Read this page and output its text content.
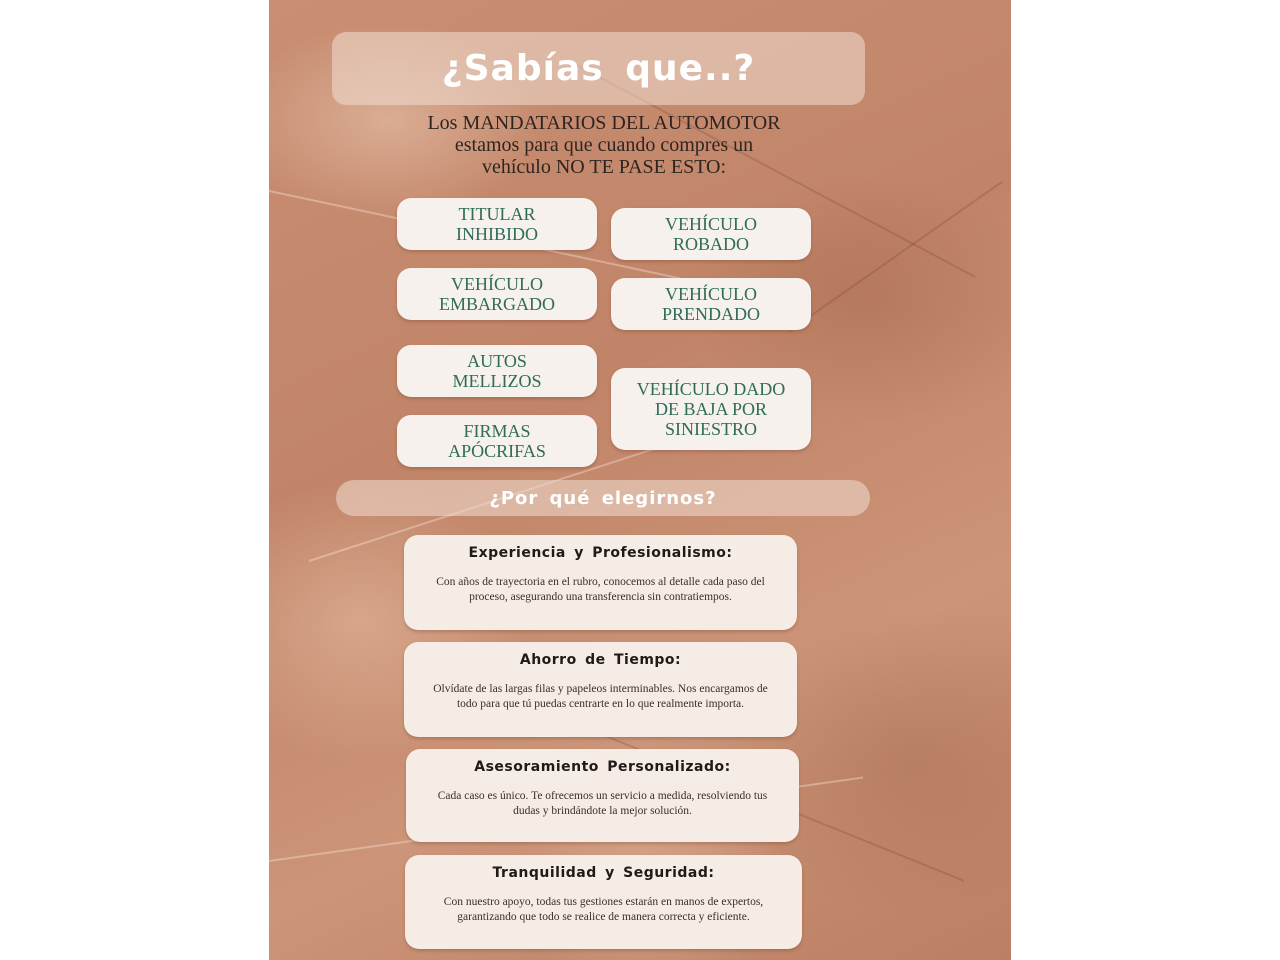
¿Sabías que..?
Los MANDATARIOS DEL AUTOMOTOR
estamos para que cuando compres un
vehículo NO TE PASE ESTO:
TITULAR
INHIBIDO
VEHÍCULO
EMBARGADO
AUTOS
MELLIZOS
FIRMAS
APÓCRIFAS
VEHÍCULO
ROBADO
VEHÍCULO
PRENDADO
VEHÍCULO DADO
DE BAJA POR
SINIESTRO
¿Por qué elegirnos?
Experiencia y Profesionalismo:
Con años de trayectoria en el rubro, conocemos al detalle cada paso del proceso, asegurando una transferencia sin contratiempos.
Ahorro de Tiempo:
Olvídate de las largas filas y papeleos interminables. Nos encargamos de todo para que tú puedas centrarte en lo que realmente importa.
Asesoramiento Personalizado:
Cada caso es único. Te ofrecemos un servicio a medida, resolviendo tus dudas y brindándote la mejor solución.
Tranquilidad y Seguridad:
Con nuestro apoyo, todas tus gestiones estarán en manos de expertos, garantizando que todo se realice de manera correcta y eficiente.
